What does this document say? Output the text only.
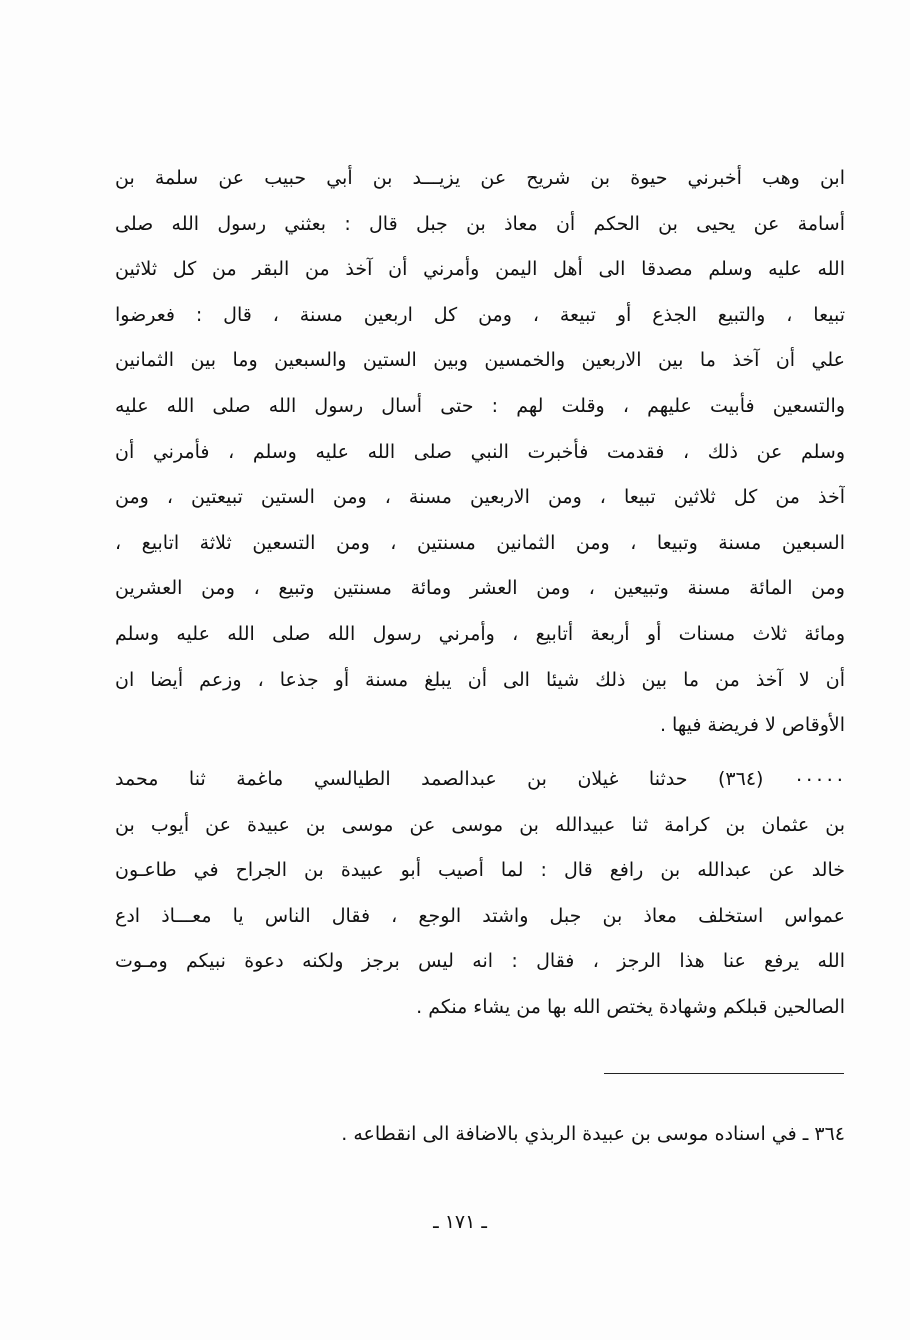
ابن وهب أخبرني حيوة بن شريح عن يزيـــد بن أبي حبيب عن سلمة بن
أسامة عن يحيى بن الحكم أن معاذ بن جبل قال : بعثني رسول الله صلى
الله عليه وسلم مصدقا الى أهل اليمن وأمرني أن آخذ من البقر من كل ثلاثين
تبيعا ، والتبيع الجذع أو تبيعة ، ومن كل اربعين مسنة ، قال : فعرضوا
علي أن آخذ ما بين الاربعين والخمسين وبين الستين والسبعين وما بين الثمانين
والتسعين فأبيت عليهم ، وقلت لهم : حتى أسال رسول الله صلى الله عليه
وسلم عن ذلك ، فقدمت فأخبرت النبي صلى الله عليه وسلم ، فأمرني أن
آخذ من كل ثلاثين تبيعا ، ومن الاربعين مسنة ، ومن الستين تبيعتين ، ومن
السبعين مسنة وتبيعا ، ومن الثمانين مسنتين ، ومن التسعين ثلاثة اتابيع ،
ومن المائة مسنة وتبيعين ، ومن العشر ومائة مسنتين وتبيع ، ومن العشرين
ومائة ثلاث مسنات أو أربعة أتابيع ، وأمرني رسول الله صلى الله عليه وسلم
أن لا آخذ من ما بين ذلك شيئا الى أن يبلغ مسنة أو جذعا ، وزعم أيضا ان
الأوقاص لا فريضة فيها .
٠٠٠٠٠ (٣٦٤) حدثنا غيلان بن عبدالصمد الطيالسي ماغمة ثنا محمد
بن عثمان بن كرامة ثنا عبيدالله بن موسى عن موسى بن عبيدة عن أيوب بن
خالد عن عبدالله بن رافع قال : لما أصيب أبو عبيدة بن الجراح في طاعـون
عمواس استخلف معاذ بن جبل واشتد الوجع ، فقال الناس يا معـــاذ ادع
الله يرفع عنا هذا الرجز ، فقال : انه ليس برجز ولكنه دعوة نبيكم ومـوت
الصالحين قبلكم وشهادة يختص الله بها من يشاء منكم .
٣٦٤ ـ في اسناده موسى بن عبيدة الربذي بالاضافة الى انقطاعه .
ـ ١٧١ ـ
